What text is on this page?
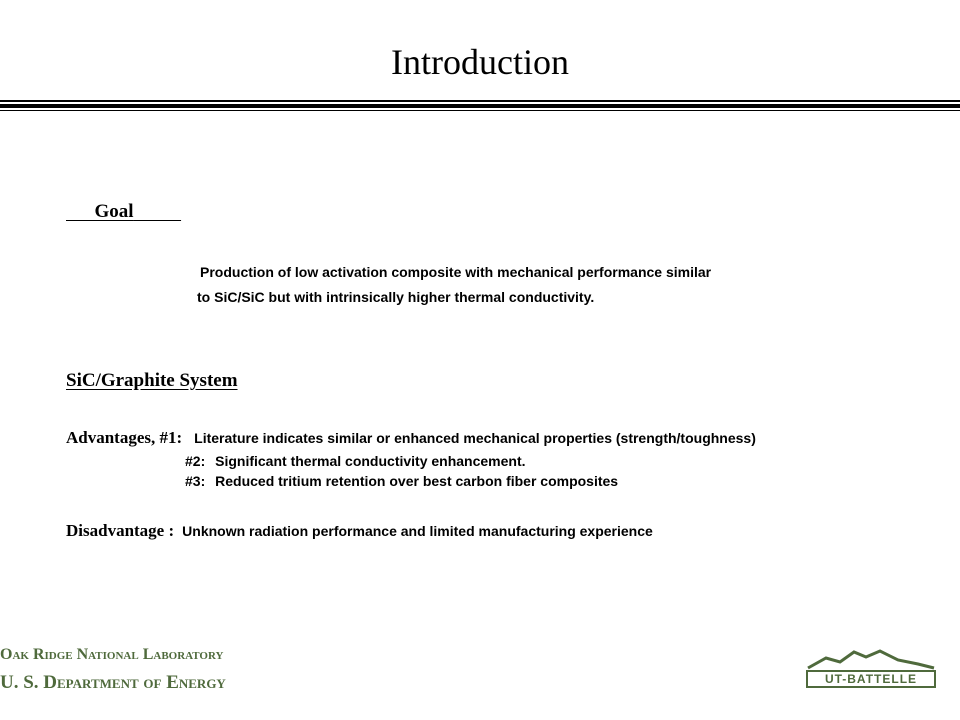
Introduction
Goal
Production of low activation composite with mechanical performance similar
to SiC/SiC but with intrinsically higher thermal conductivity.
SiC/Graphite System
Advantages, #1: Literature indicates similar or enhanced mechanical properties (strength/toughness)
#2: Significant thermal conductivity enhancement.
#3: Reduced tritium retention over best carbon fiber composites
Disadvantage : Unknown radiation performance and limited manufacturing experience
Oak Ridge National Laboratory
U. S. Department of Energy	UT-BATTELLE
